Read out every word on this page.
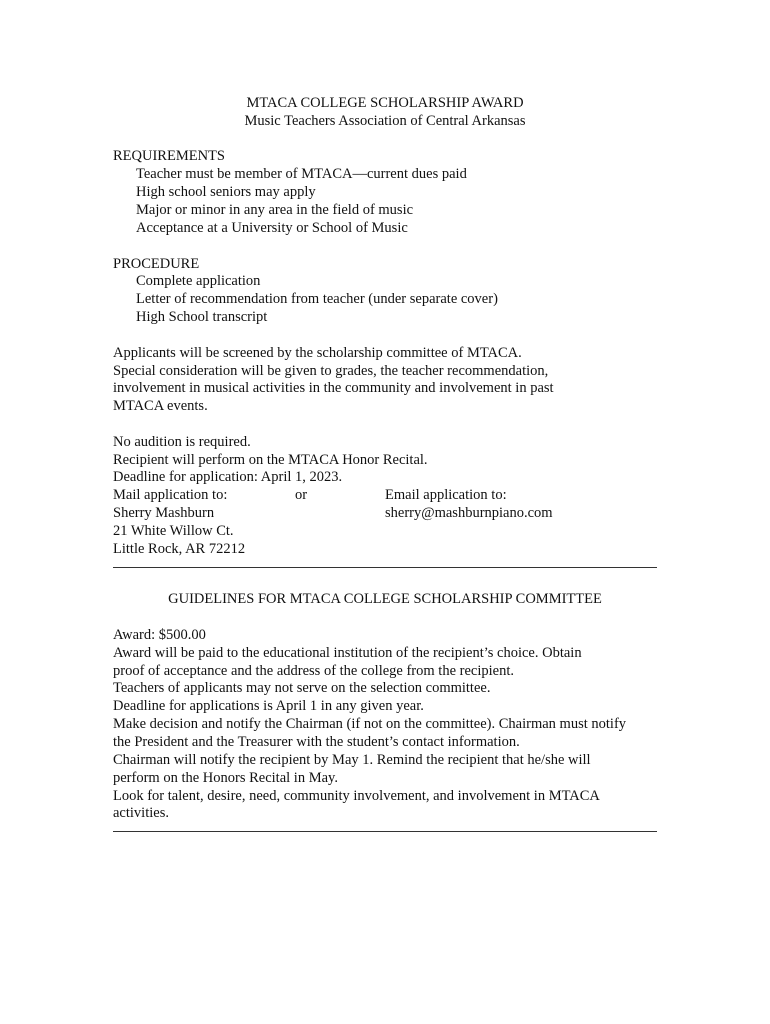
MTACA COLLEGE SCHOLARSHIP AWARD
Music Teachers Association of Central Arkansas
REQUIREMENTS
Teacher must be member of MTACA—current dues paid
High school seniors may apply
Major or minor in any area in the field of music
Acceptance at a University or School of Music
PROCEDURE
Complete application
Letter of recommendation from teacher (under separate cover)
High School transcript
Applicants will be screened by the scholarship committee of MTACA.
Special consideration will be given to grades, the teacher recommendation,
involvement in musical activities in the community and involvement in past
MTACA events.
No audition is required.
Recipient will perform on the MTACA Honor Recital.
Deadline for application: April 1, 2023.
Mail application to:	or	Email application to:
Sherry Mashburn	sherry@mashburnpiano.com
21 White Willow Ct.
Little Rock, AR 72212
GUIDELINES FOR MTACA COLLEGE SCHOLARSHIP COMMITTEE
Award: $500.00
Award will be paid to the educational institution of the recipient’s choice. Obtain
proof of acceptance and the address of the college from the recipient.
Teachers of applicants may not serve on the selection committee.
Deadline for applications is April 1 in any given year.
Make decision and notify the Chairman (if not on the committee). Chairman must notify
the President and the Treasurer with the student’s contact information.
Chairman will notify the recipient by May 1. Remind the recipient that he/she will
perform on the Honors Recital in May.
Look for talent, desire, need, community involvement, and involvement in MTACA
activities.
